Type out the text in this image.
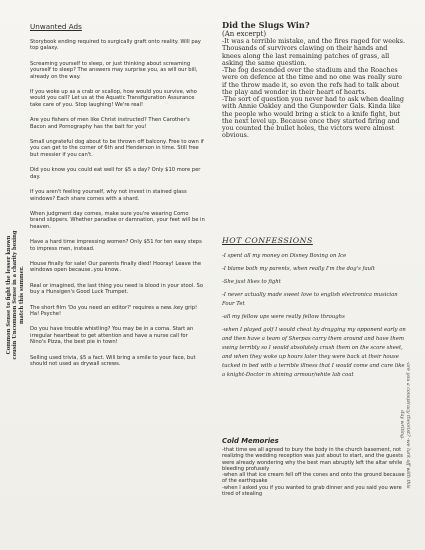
Unwanted Ads

Storybook ending required to surgically graft onto reality. Will pay top galaxy.

Screaming yourself to sleep, or just thinking about screaming yourself to sleep? The answers may surprise you, as will our bill, already on the way.

If you woke up as a crab or scallop, how would you survive, who would you call? Let us at the Aquatic Transfiguration Assurance take care of you. Stop laughing! We're real!

Are you fishers of men like Christ instructed? Then Carother's Bacon and Pornography has the bait for you!

Small ungrateful dog about to be thrown off balcony. Free to own if you can get to the corner of 6th and Henderson in time. Still free but messier if you can't.

Did you know you could eat well for $5 a day? Only $10 more per day.

If you aren't feeling yourself, why not invest in stained glass windows? Each share comes with a shard.

When judgment day comes, make sure you're wearing Como brand slippers. Whether paradise or damnation, your feet will be in heaven.

Have a hard time impressing women? Only $51 for ten easy steps to impress men, instead.

House finally for sale! Our parents finally died! Hooray! Leave the windows open because..you know..

Real or imagined, the last thing you need is blood in your stool. So buy a Hunsigen's Good Luck Trumpet.

The short film 'Do you need an editor?' requires a new..key grip! Ha! Psyche!

Do you have trouble whistling? You may be in a coma. Start an irregular heartbeat to get attention and have a nurse call for Nino's Pizza, the best pie in town!

Selling used trivia, $5 a fact. Will bring a smile to your face, but should not used as drywall screws.

Did the Slugs Win?
(An excerpt)

-It was a terrible mistake, and the fires raged for weeks. Thousands of survivors clawing on their hands and knees along the last remaining patches of grass, all asking the same question.

-The fog descended over the stadium and the Roaches were on defence at the time and no one was really sure if the throw made it, so even the refs had to talk about the play and wonder in their heart of hearts.

-The sort of question you never had to ask when dealing with Annie Oakley and the Gunpowder Gals. Kinda like the people who would bring a stick to a knife fight, but the next level up. Because once they started firing and you counted the bullet holes, the victors were almost obvious.

HOT CONFESSIONS

-I spent all my money on Disney Boxing on Ice

-I blame both my parents, when really I'm the dog's fault

-She just likes to fight

-I never actually made sweet love to english electronica musician Four Tet

-all my fellow ups were really fellow throughs

-when I played golf I would cheat by dragging my opponent early on and then have a team of Sherpas carry them around and have them swing terribly so I would absolutely crush them on the score sheet, and when they woke up hours later they were back at their house tucked in bed with a terrible illness that I would come and cure like a knight-Doctor in shining armour/white lab coat

Cold Memories

-that time we all agreed to bury the body in the church basement, not realizing the wedding reception was just about to start, and the guests were already wondering why the best man abruptly left the altar while bleeding profusely

-when all that ice cream fell off the cones and onto the ground because of the earthquake

-when I asked you if you wanted to grab dinner and you said you were tired of stealing

Common Sense to fight the lesser known cousin Uncommon Sense in a charity boxing match this summer.
-are you a conspiracy theorist? -we lurk off with this day writing.
